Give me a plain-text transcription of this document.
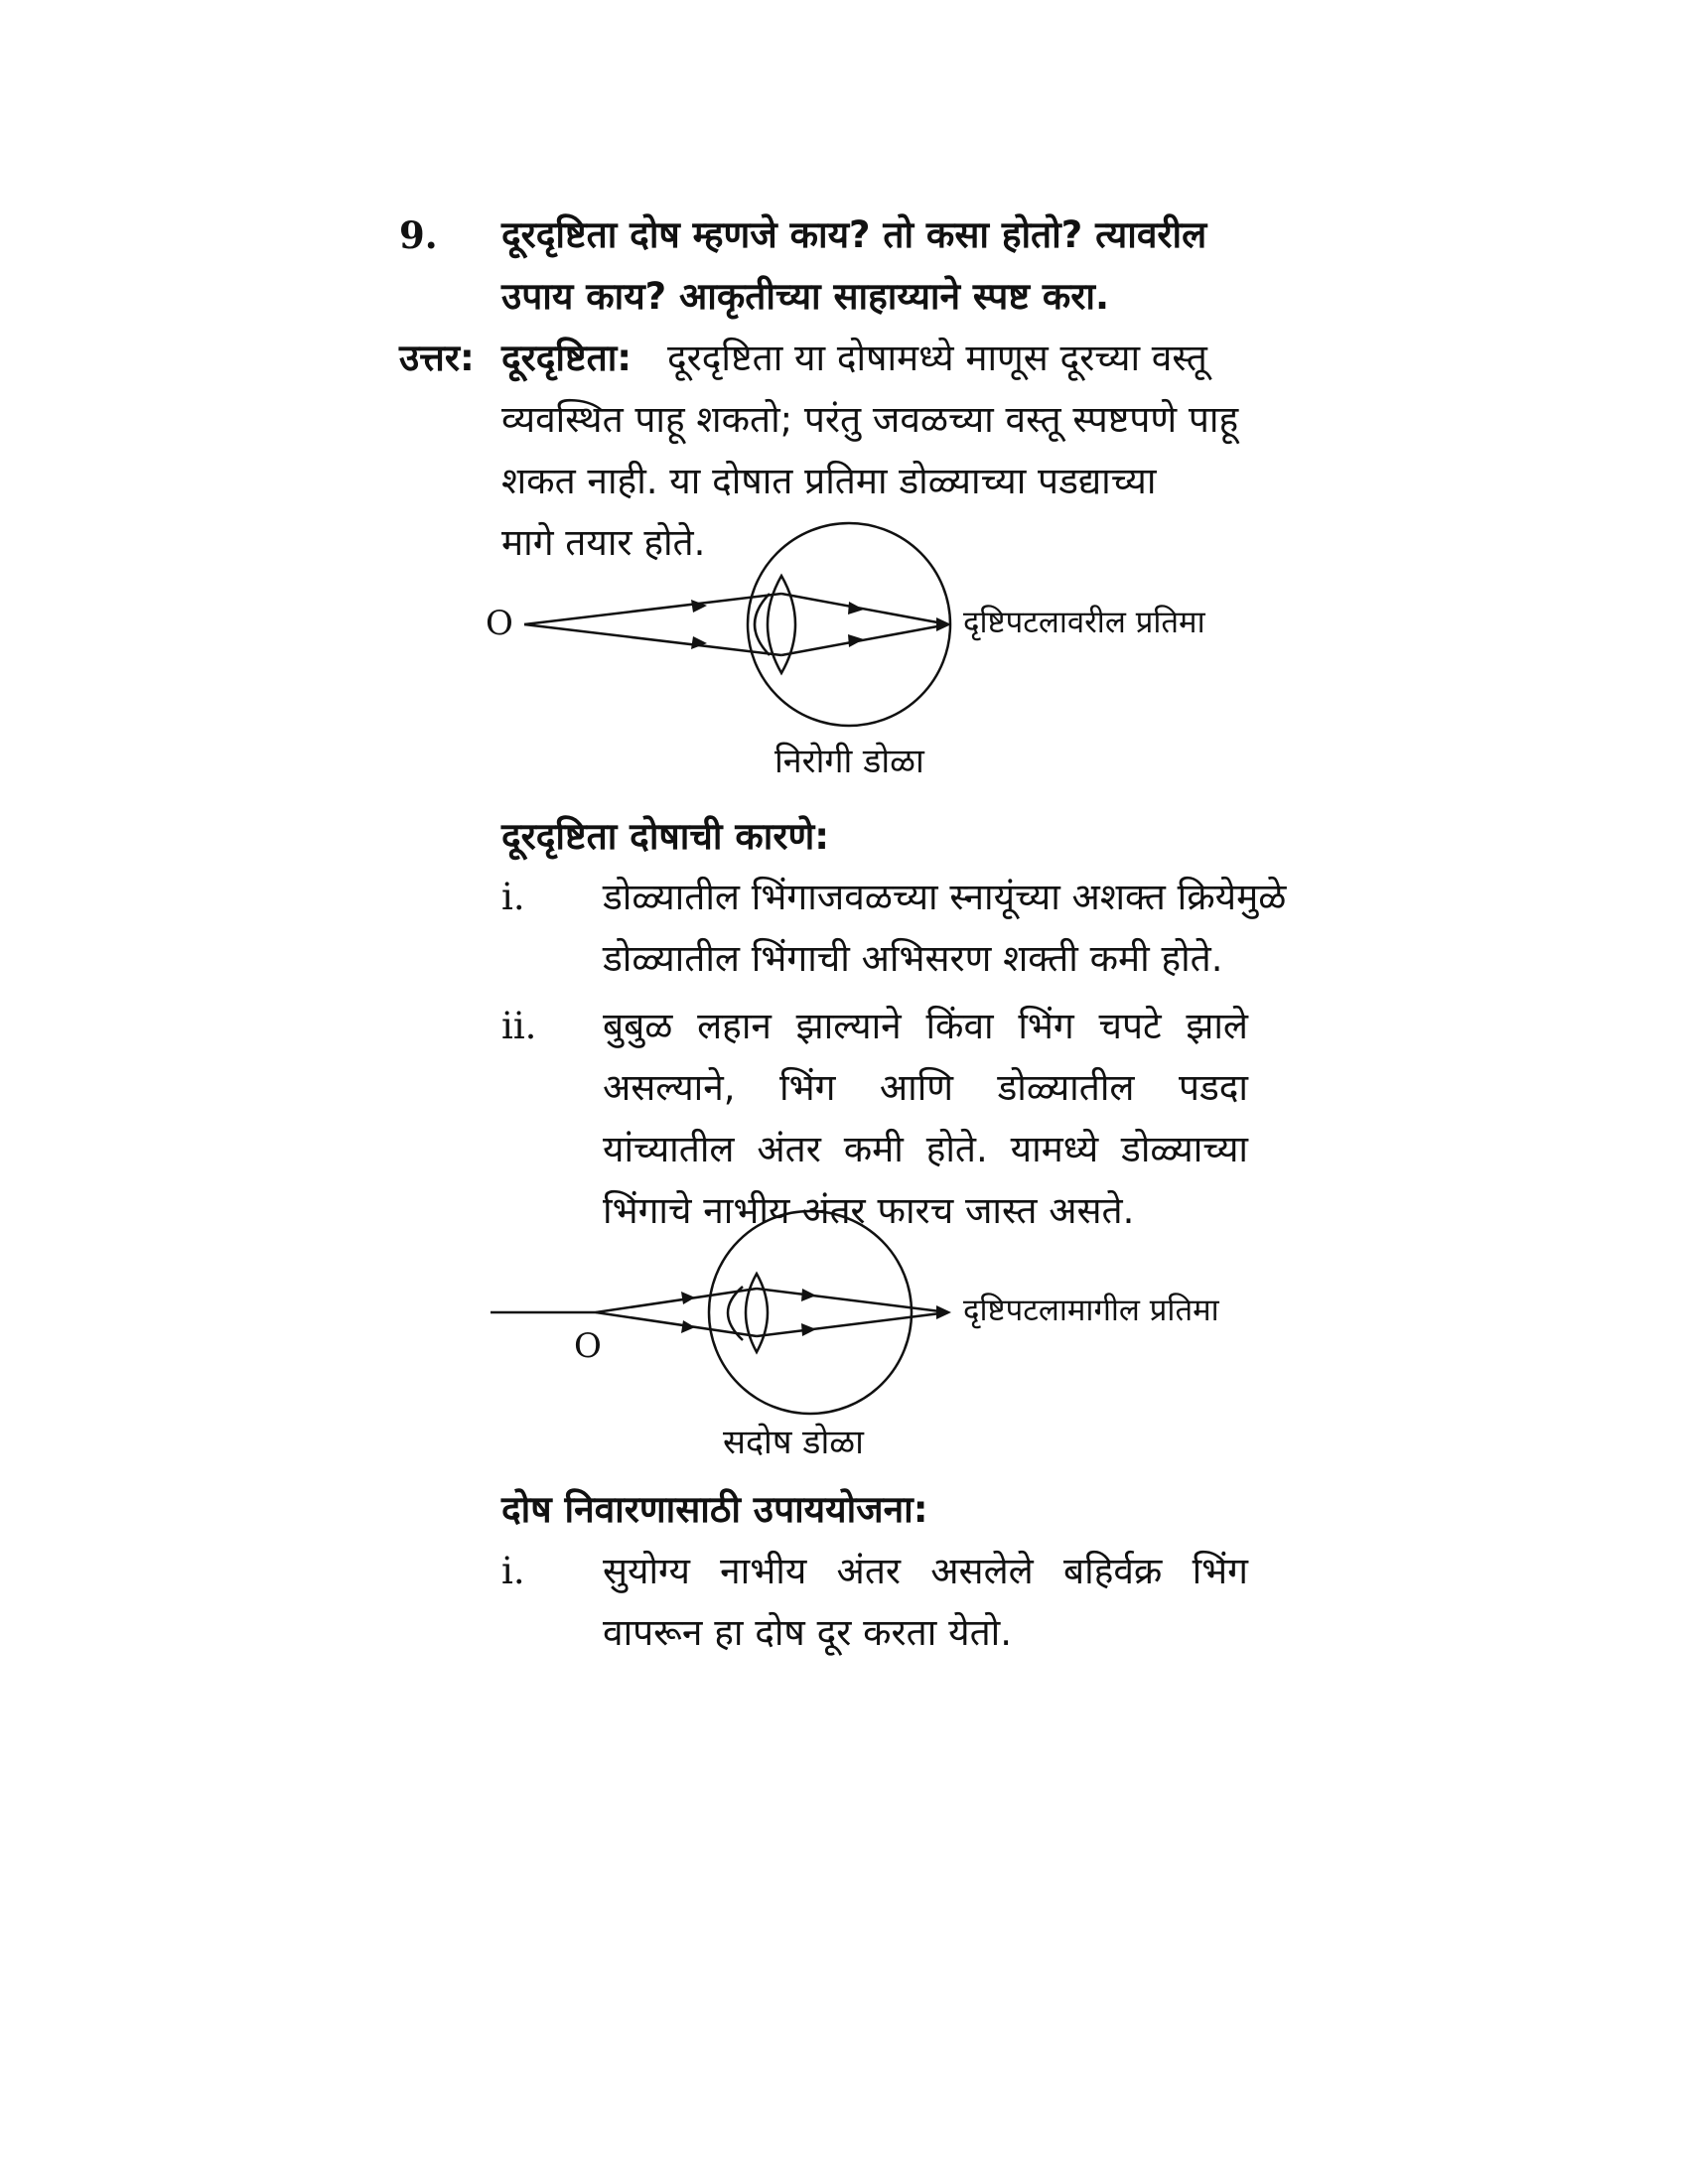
9. दूरदृष्टिता दोष म्हणजे काय? तो कसा होतो? त्यावरील
उपाय काय? आकृतीच्या साहाय्याने स्पष्ट करा.
उत्तर: दूरदृष्टिता: दूरदृष्टिता या दोषामध्ये माणूस दूरच्या वस्तू
व्यवस्थित पाहू शकतो; परंतु जवळच्या वस्तू स्पष्टपणे पाहू
शकत नाही. या दोषात प्रतिमा डोळ्याच्या पडद्याच्या
मागे तयार होते.
O	दृष्टिपटलावरील प्रतिमा
निरोगी डोळा
दूरदृष्टिता दोषाची कारणे:
i. डोळ्यातील भिंगाजवळच्या स्नायूंच्या अशक्त क्रियेमुळे
डोळ्यातील भिंगाची अभिसरण शक्ती कमी होते.
ii. बुबुळ लहान झाल्याने किंवा भिंग चपटे झाले
असल्याने, भिंग आणि डोळ्यातील पडदा
यांच्यातील अंतर कमी होते. यामध्ये डोळ्याच्या
भिंगाचे नाभीय अंतर फारच जास्त असते.
O
दृष्टिपटलामागील प्रतिमा
सदोष डोळा
दोष निवारणासाठी उपाययोजना:
i. सुयोग्य नाभीय अंतर असलेले बहिर्वक्र भिंग
वापरून हा दोष दूर करता येतो.
